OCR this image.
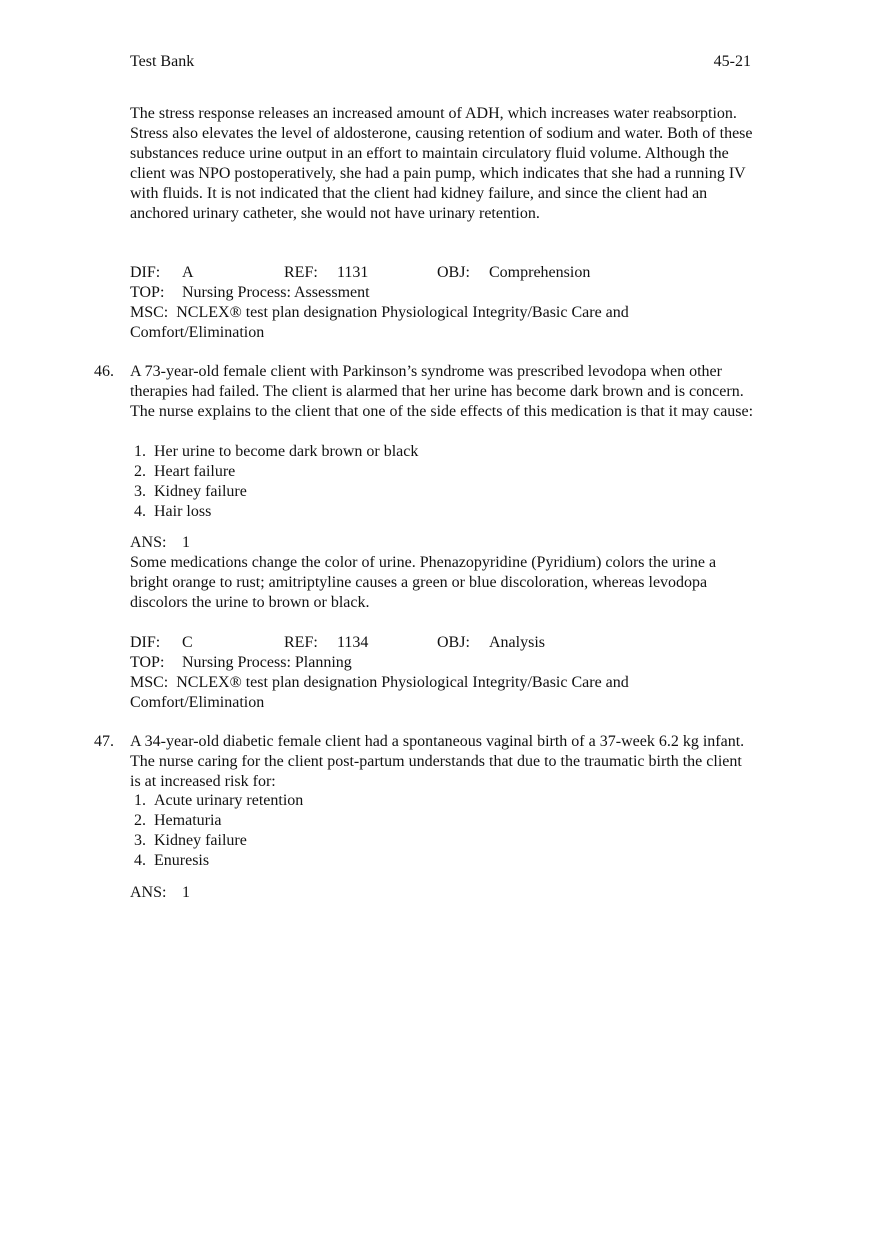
Test Bank	45-21

The stress response releases an increased amount of ADH, which increases water reabsorption. Stress also elevates the level of aldosterone, causing retention of sodium and water. Both of these substances reduce urine output in an effort to maintain circulatory fluid volume. Although the client was NPO postoperatively, she had a pain pump, which indicates that she had a running IV with fluids. It is not indicated that the client had kidney failure, and since the client had an anchored urinary catheter, she would not have urinary retention.

DIF: A	REF: 1131	OBJ: Comprehension
TOP: Nursing Process: Assessment
MSC: NCLEX® test plan designation Physiological Integrity/Basic Care and Comfort/Elimination
46. A 73-year-old female client with Parkinson’s syndrome was prescribed levodopa when other therapies had failed. The client is alarmed that her urine has become dark brown and is concern. The nurse explains to the client that one of the side effects of this medication is that it may cause:

1. Her urine to become dark brown or black
2. Heart failure
3. Kidney failure
4. Hair loss
ANS: 1

Some medications change the color of urine. Phenazopyridine (Pyridium) colors the urine a bright orange to rust; amitriptyline causes a green or blue discoloration, whereas levodopa discolors the urine to brown or black.

DIF: C	REF: 1134	OBJ: Analysis
TOP: Nursing Process: Planning
MSC: NCLEX® test plan designation Physiological Integrity/Basic Care and Comfort/Elimination
47. A 34-year-old diabetic female client had a spontaneous vaginal birth of a 37-week 6.2 kg infant. The nurse caring for the client post-partum understands that due to the traumatic birth the client is at increased risk for:

1. Acute urinary retention
2. Hematuria
3. Kidney failure
4. Enuresis
ANS: 1
